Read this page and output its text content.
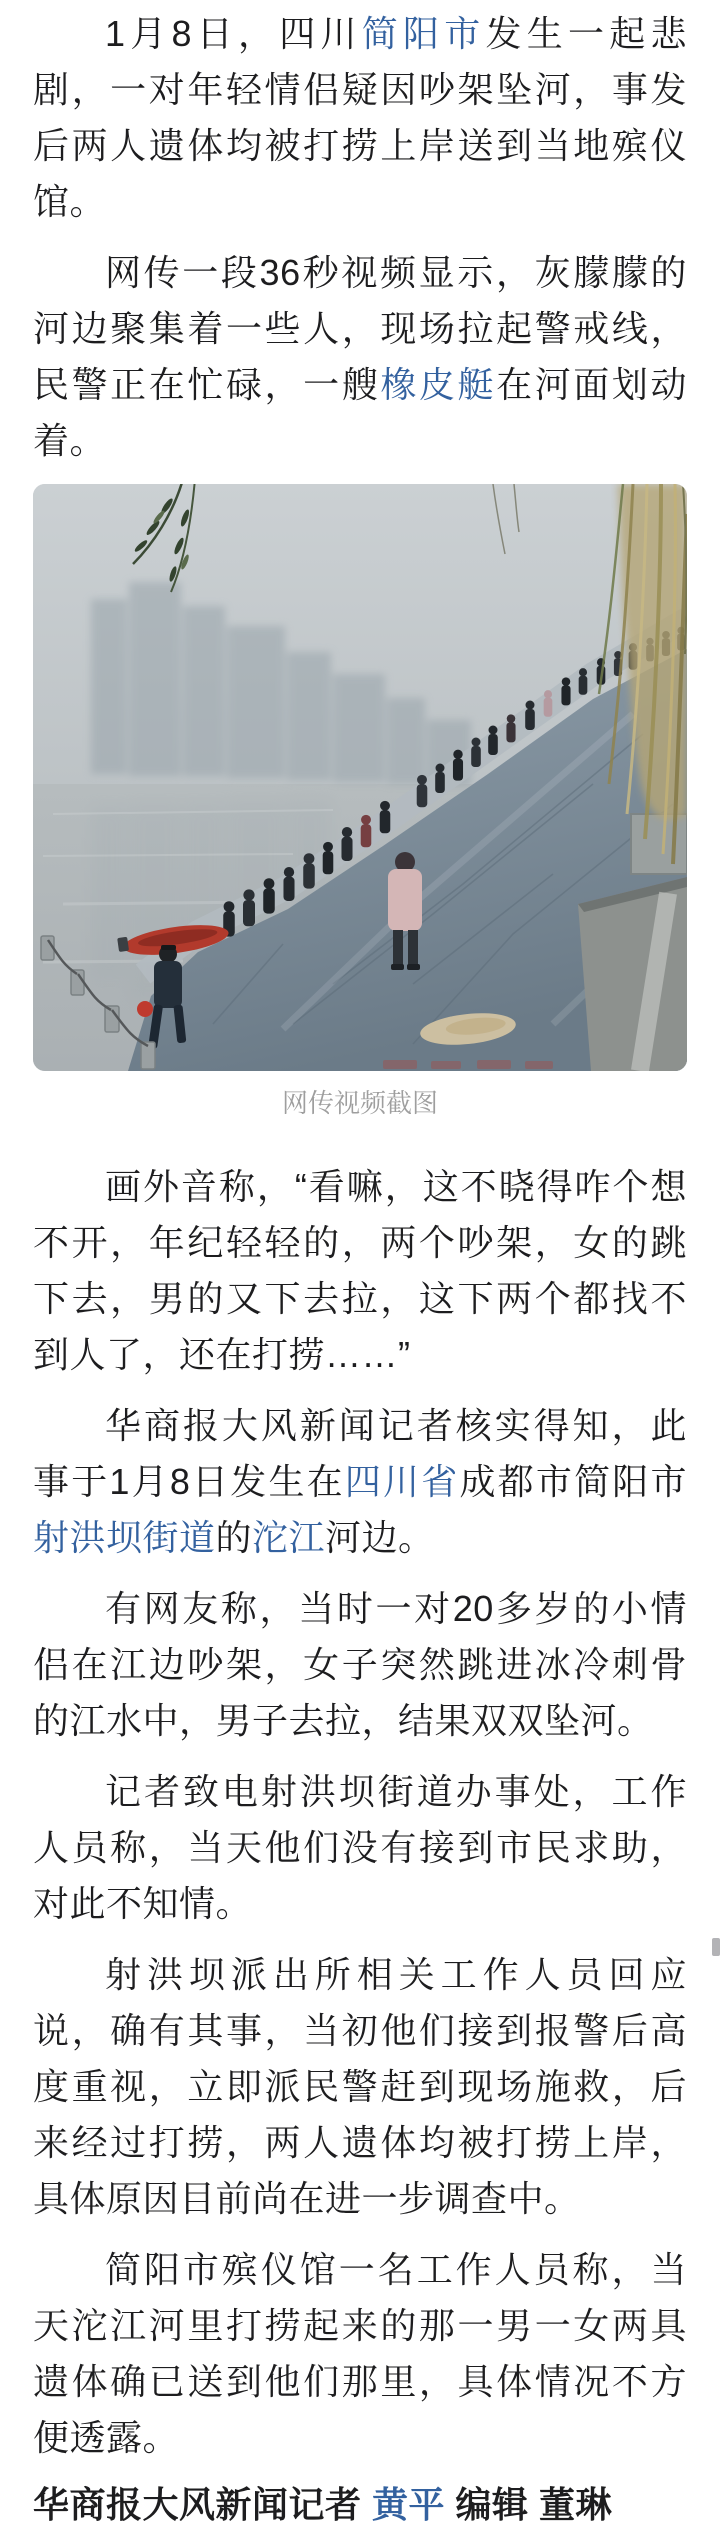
1月8日，四川简阳市发生一起悲剧，一对年轻情侣疑因吵架坠河，事发后两人遗体均被打捞上岸送到当地殡仪馆。

网传一段36秒视频显示，灰朦朦的河边聚集着一些人，现场拉起警戒线，民警正在忙碌，一艘橡皮艇在河面划动着。

网传视频截图

画外音称，“看嘛，这不晓得咋个想不开，年纪轻轻的，两个吵架，女的跳下去，男的又下去拉，这下两个都找不到人了，还在打捞……”

华商报大风新闻记者核实得知，此事于1月8日发生在四川省成都市简阳市射洪坝街道的沱江河边。

有网友称，当时一对20多岁的小情侣在江边吵架，女子突然跳进冰冷刺骨的江水中，男子去拉，结果双双坠河。

记者致电射洪坝街道办事处，工作人员称，当天他们没有接到市民求助，对此不知情。

射洪坝派出所相关工作人员回应说，确有其事，当初他们接到报警后高度重视，立即派民警赶到现场施救，后来经过打捞，两人遗体均被打捞上岸，具体原因目前尚在进一步调查中。

简阳市殡仪馆一名工作人员称，当天沱江河里打捞起来的那一男一女两具遗体确已送到他们那里，具体情况不方便透露。

华商报大风新闻记者 黄平 编辑 董琳
